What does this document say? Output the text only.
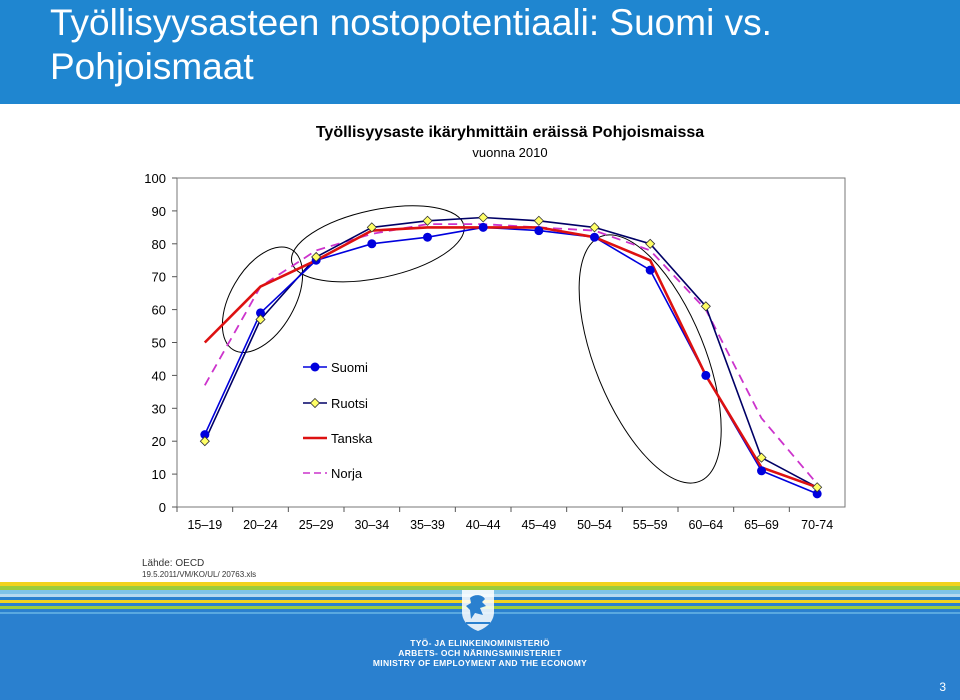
Työllisyysasteen nostopotentiaali: Suomi vs. Pohjoismaat
Työllisyysaste ikäryhmittäin eräissä Pohjoismaissa
vuonna 2010
0
10
20
30
40
50
60
70
80
90
100
15–19 20–24 25–29 30–34 35–39 40–44 45–49 50–54 55–59 60–64 65–69 70-74
Suomi
Ruotsi
Tanska
Norja
Lähde: OECD
19.5.2011/VM/KO/UL/ 20763.xls
TYÖ- JA ELINKEINOMINISTERIÖ
ARBETS- OCH NÄRINGSMINISTERIET
MINISTRY OF EMPLOYMENT AND THE ECONOMY
3
